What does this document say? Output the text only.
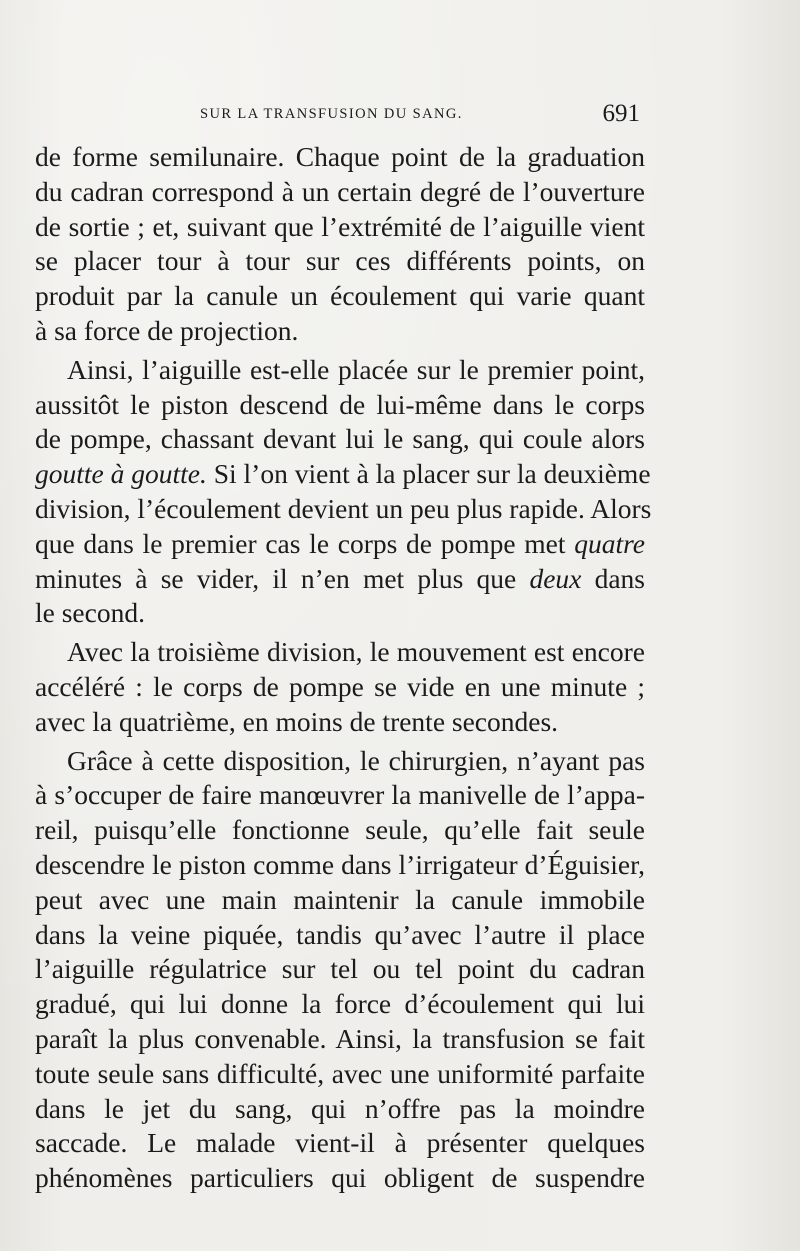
SUR LA TRANSFUSION DU SANG.	691
de forme semilunaire. Chaque point de la graduation
du cadran correspond à un certain degré de l’ouverture
de sortie ; et, suivant que l’extrémité de l’aiguille vient
se placer tour à tour sur ces différents points, on
produit par la canule un écoulement qui varie quant
à sa force de projection.
Ainsi, l’aiguille est-elle placée sur le premier point,
aussitôt le piston descend de lui-même dans le corps
de pompe, chassant devant lui le sang, qui coule alors
goutte à goutte. Si l’on vient à la placer sur la deuxième
division, l’écoulement devient un peu plus rapide. Alors
que dans le premier cas le corps de pompe met quatre
minutes à se vider, il n’en met plus que deux dans
le second.
Avec la troisième division, le mouvement est encore
accéléré : le corps de pompe se vide en une minute ;
avec la quatrième, en moins de trente secondes.
Grâce à cette disposition, le chirurgien, n’ayant pas
à s’occuper de faire manœuvrer la manivelle de l’appa-
reil, puisqu’elle fonctionne seule, qu’elle fait seule
descendre le piston comme dans l’irrigateur d’Éguisier,
peut avec une main maintenir la canule immobile
dans la veine piquée, tandis qu’avec l’autre il place
l’aiguille régulatrice sur tel ou tel point du cadran
gradué, qui lui donne la force d’écoulement qui lui
paraît la plus convenable. Ainsi, la transfusion se fait
toute seule sans difficulté, avec une uniformité parfaite
dans le jet du sang, qui n’offre pas la moindre
saccade. Le malade vient-il à présenter quelques
phénomènes particuliers qui obligent de suspendre
